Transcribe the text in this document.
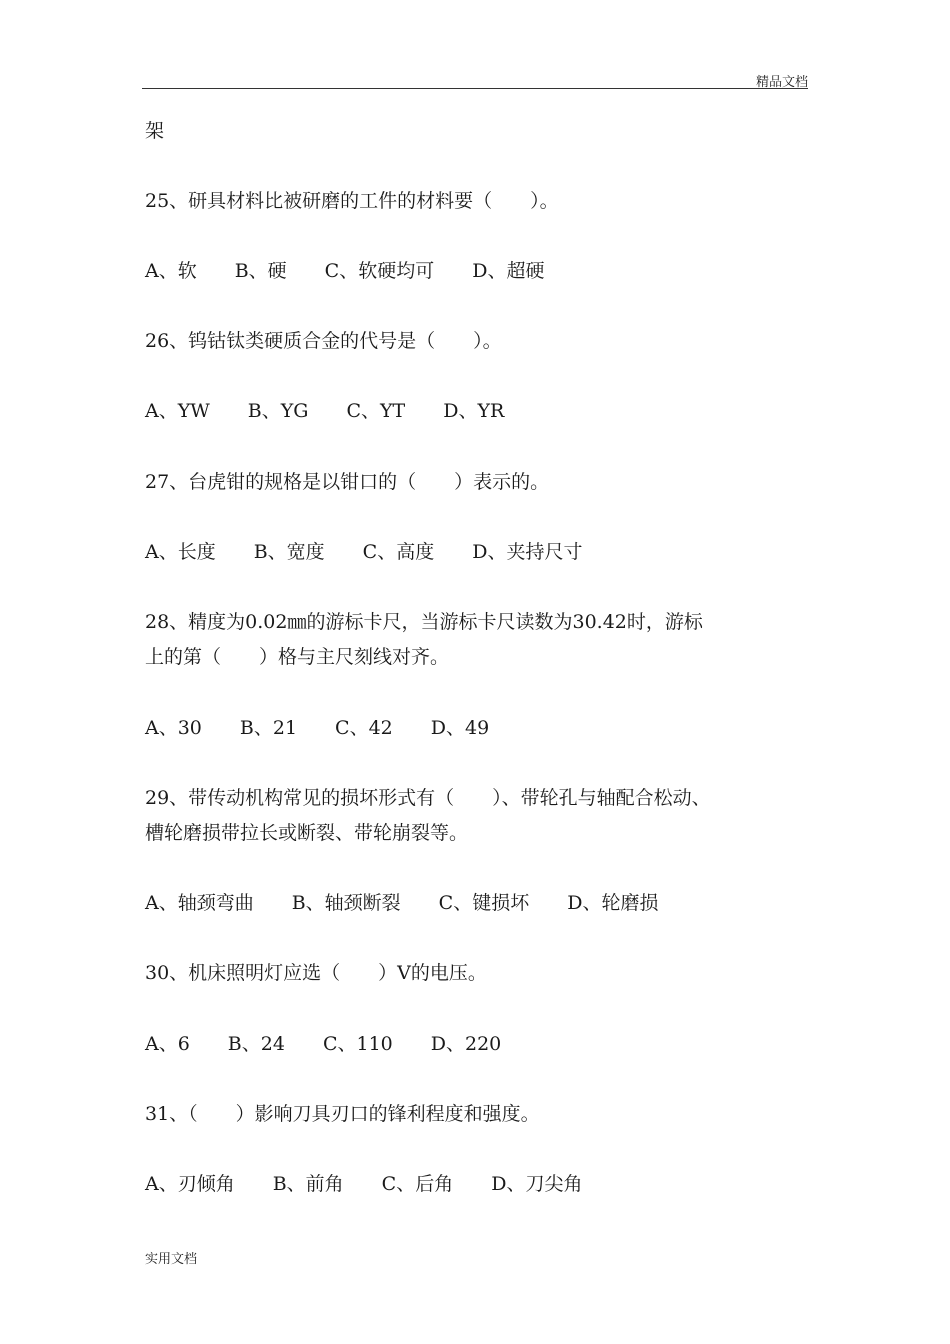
精品文档
架
25、研具材料比被研磨的工件的材料要（　　）。
A、软　　B、硬　　C、软硬均可　　D、超硬
26、钨钴钛类硬质合金的代号是（　　）。
A、YW　　B、YG　　C、YT　　D、YR
27、台虎钳的规格是以钳口的（　　）表示的。
A、长度　　B、宽度　　C、高度　　D、夹持尺寸
28、精度为0.02㎜的游标卡尺，当游标卡尺读数为30.42时，游标
上的第（　　）格与主尺刻线对齐。
A、30　　B、21　　C、42　　D、49
29、带传动机构常见的损坏形式有（　　）、带轮孔与轴配合松动、
槽轮磨损带拉长或断裂、带轮崩裂等。
A、轴颈弯曲　　B、轴颈断裂　　C、键损坏　　D、轮磨损
30、机床照明灯应选（　　）V的电压。
A、6　　B、24　　C、110　　D、220
31、（　　）影响刀具刃口的锋利程度和强度。
A、刃倾角　　B、前角　　C、后角　　D、刀尖角
实用文档
